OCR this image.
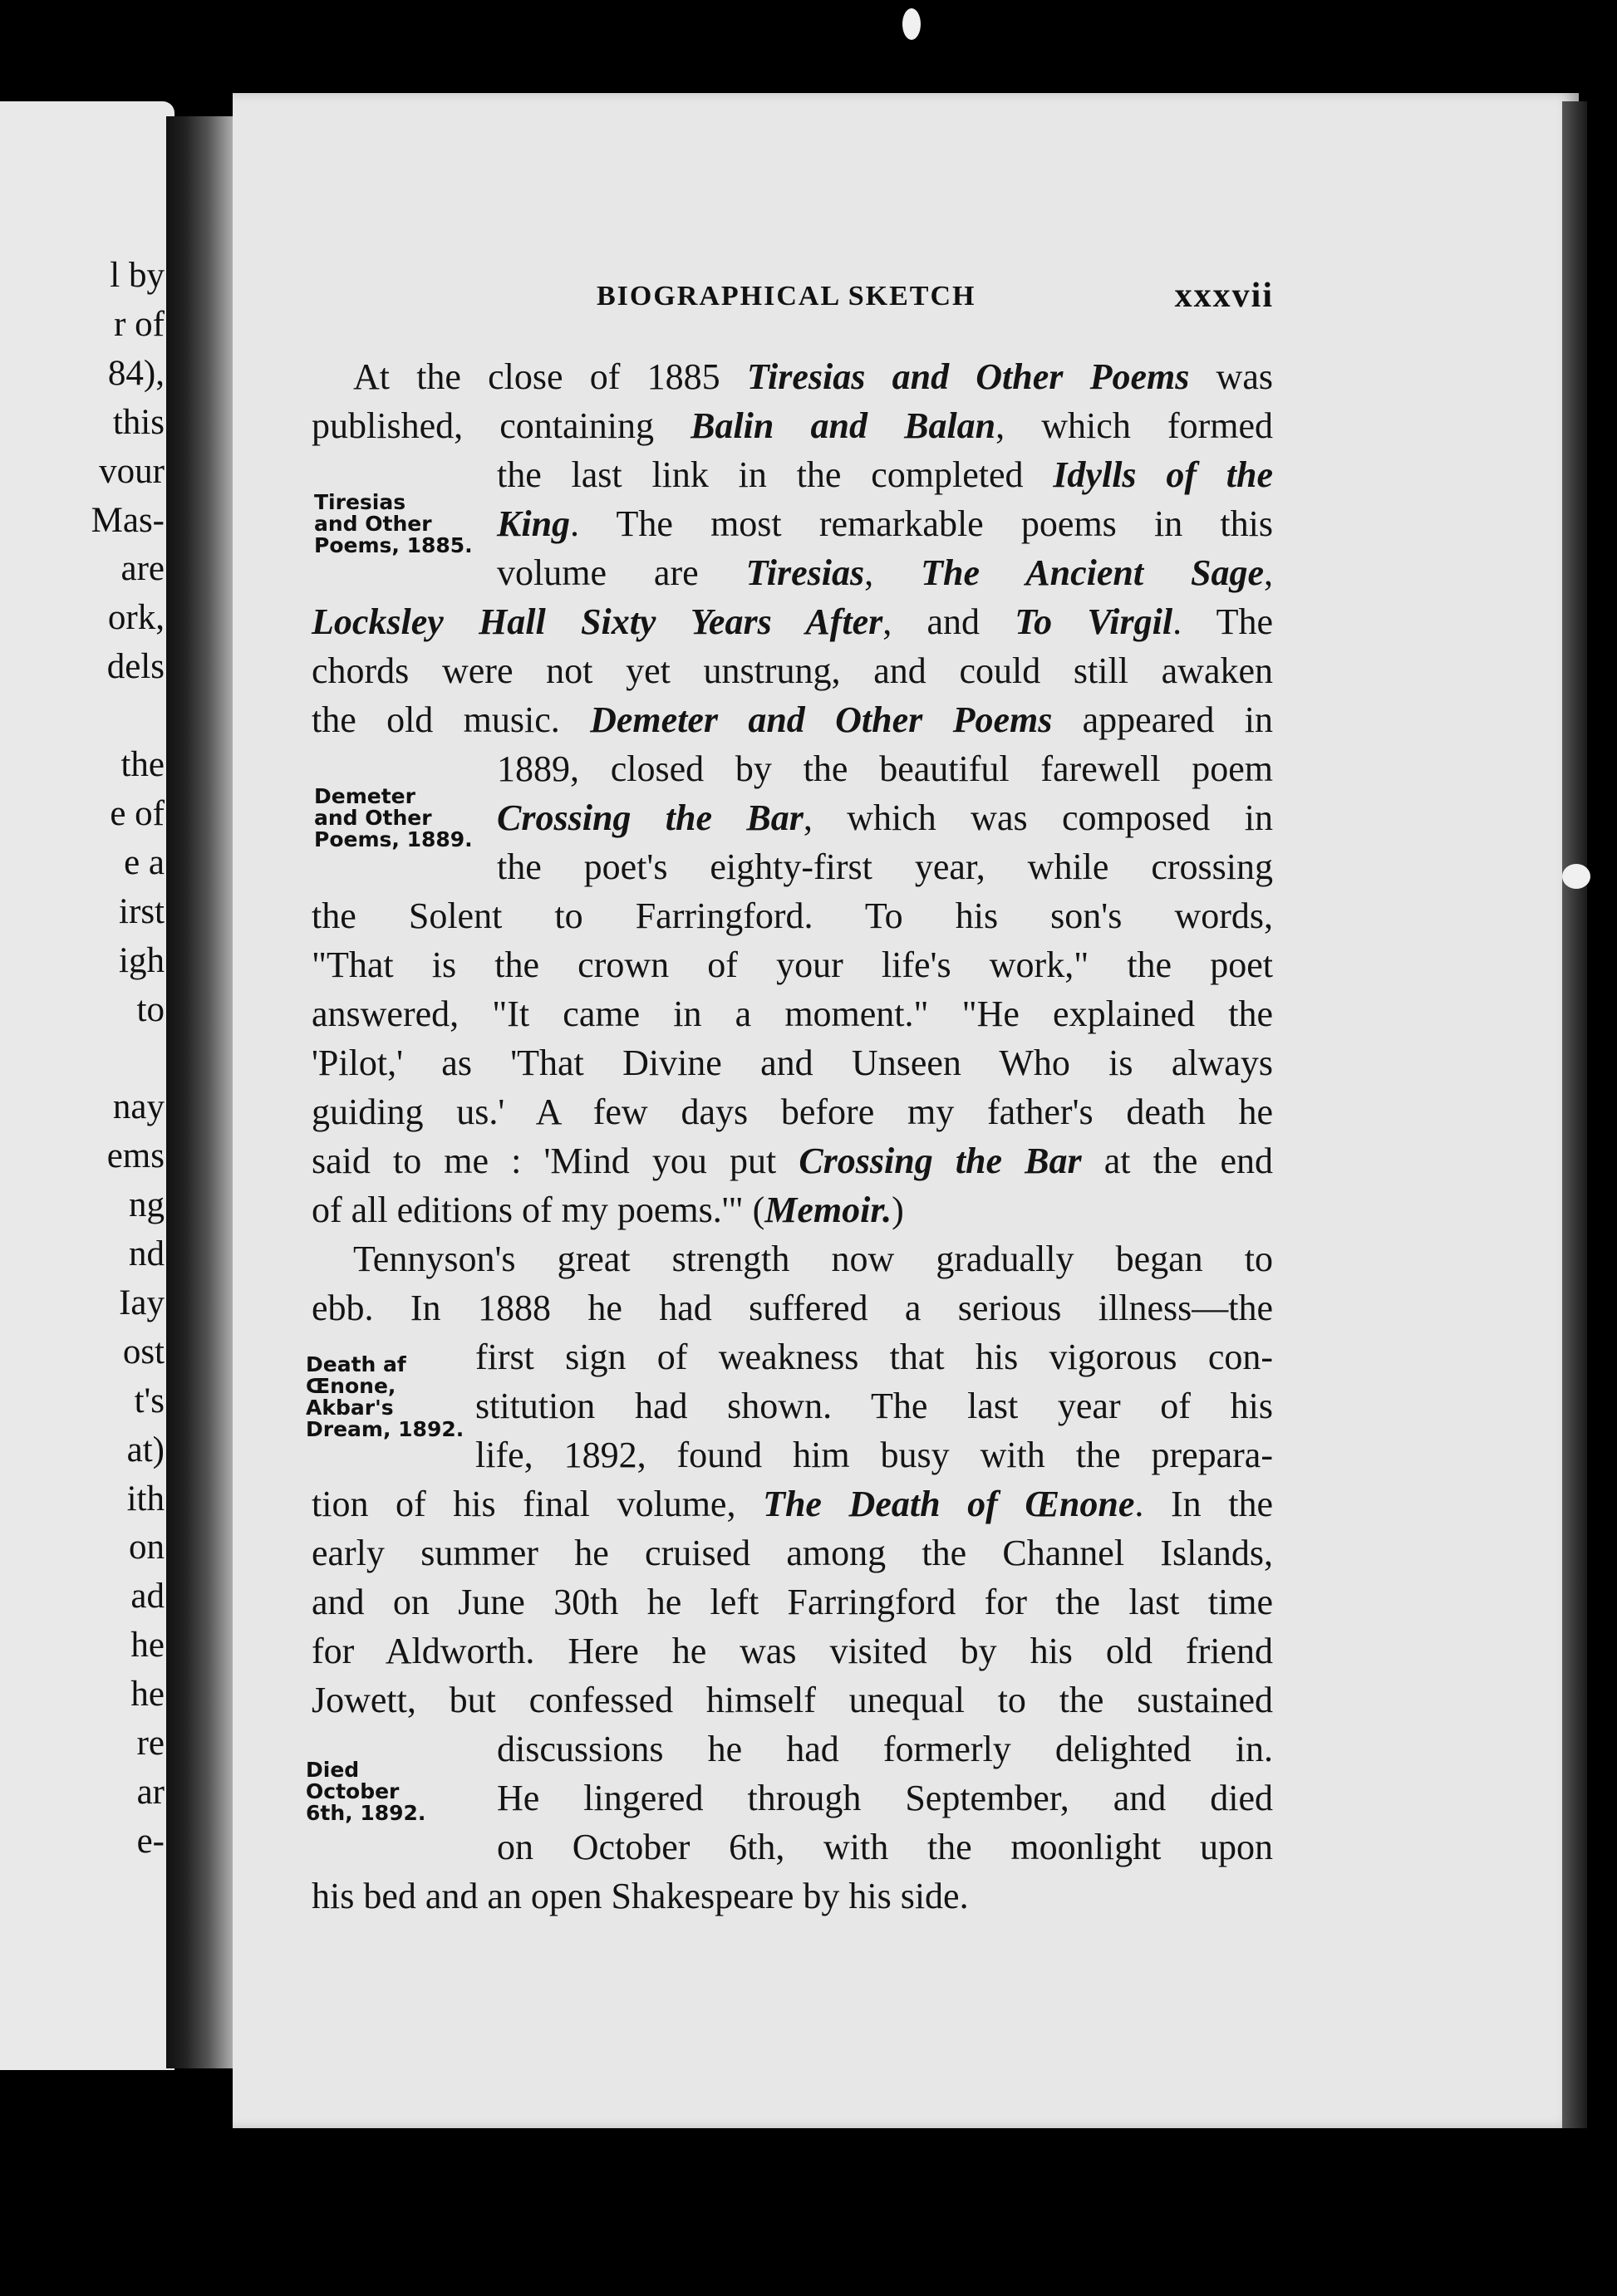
l by
r of
84),
this
vour
Mas-
are
ork,
dels
the
e of
e a
irst
igh
to
nay
ems
ng
nd
Iay
ost
t's
at)
ith
on
ad
he
he
re
ar
e-
BIOGRAPHICAL SKETCH	xxxvii
At the close of 1885 Tiresias and Other Poems was
published, containing Balin and Balan, which formed
the last link in the completed Idylls of the
King. The most remarkable poems in this
volume are Tiresias, The Ancient Sage,
Locksley Hall Sixty Years After, and To Virgil. The
chords were not yet unstrung, and could still awaken
the old music. Demeter and Other Poems appeared in
1889, closed by the beautiful farewell poem
Crossing the Bar, which was composed in
the poet's eighty-first year, while crossing
the Solent to Farringford. To his son's words,
"That is the crown of your life's work," the poet
answered, "It came in a moment." "He explained the
'Pilot,' as 'That Divine and Unseen Who is always
guiding us.' A few days before my father's death he
said to me : 'Mind you put Crossing the Bar at the end
of all editions of my poems.'" (Memoir.)
Tennyson's great strength now gradually began to
ebb. In 1888 he had suffered a serious illness—the
first sign of weakness that his vigorous con-
stitution had shown. The last year of his
life, 1892, found him busy with the prepara-
tion of his final volume, The Death of Œnone. In the
early summer he cruised among the Channel Islands,
and on June 30th he left Farringford for the last time
for Aldworth. Here he was visited by his old friend
Jowett, but confessed himself unequal to the sustained
discussions he had formerly delighted in.
He lingered through September, and died
on October 6th, with the moonlight upon
his bed and an open Shakespeare by his side.
Tiresias
and Other
Poems, 1885.
Demeter
and Other
Poems, 1889.
Death af
Œnone,
Akbar's
Dream, 1892.
Died
October
6th, 1892.
